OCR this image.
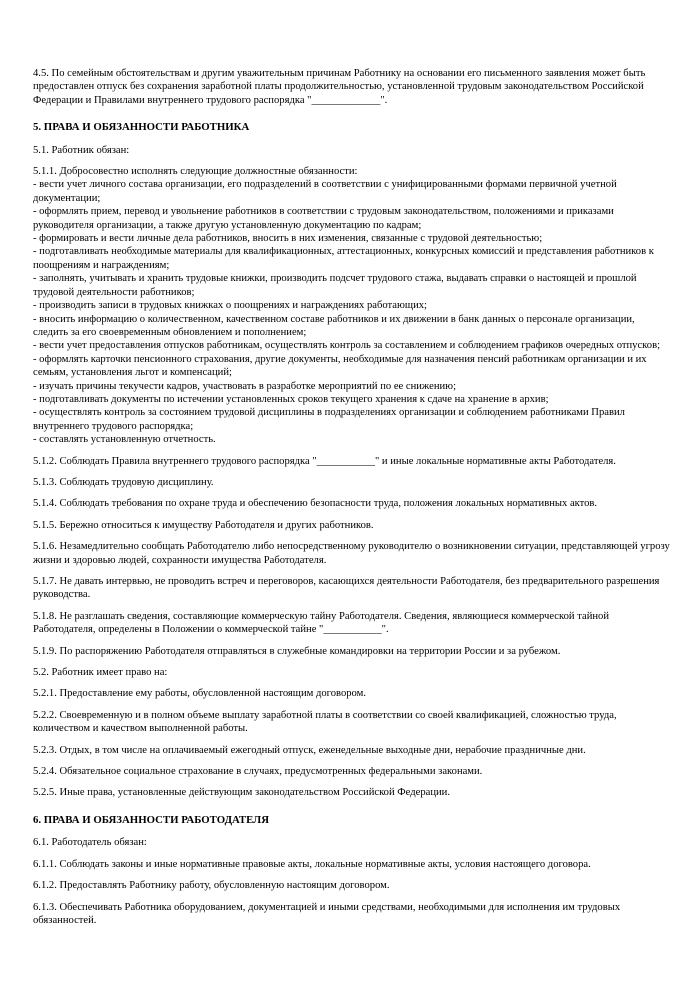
4.5. По семейным обстоятельствам и другим уважительным причинам Работнику на основании его письменного заявления может быть предоставлен отпуск без сохранения заработной платы продолжительностью, установленной трудовым законодательством Российской Федерации и Правилами внутреннего трудового распорядка "_____________".

5. ПРАВА И ОБЯЗАННОСТИ РАБОТНИКА

5.1. Работник обязан:

5.1.1. Добросовестно исполнять следующие должностные обязанности:

- вести учет личного состава организации, его подразделений в соответствии с унифицированными формами первичной учетной документации;

- оформлять прием, перевод и увольнение работников в соответствии с трудовым законодательством, положениями и приказами руководителя организации, а также другую установленную документацию по кадрам;

- формировать и вести личные дела работников, вносить в них изменения, связанные с трудовой деятельностью;

- подготавливать необходимые материалы для квалификационных, аттестационных, конкурсных комиссий и представления работников к поощрениям и награждениям;

- заполнять, учитывать и хранить трудовые книжки, производить подсчет трудового стажа, выдавать справки о настоящей и прошлой трудовой деятельности работников;

- производить записи в трудовых книжках о поощрениях и награждениях работающих;

- вносить информацию о количественном, качественном составе работников и их движении в банк данных о персонале организации, следить за его своевременным обновлением и пополнением;

- вести учет предоставления отпусков работникам, осуществлять контроль за составлением и соблюдением графиков очередных отпусков;

- оформлять карточки пенсионного страхования, другие документы, необходимые для назначения пенсий работникам организации и их семьям, установления льгот и компенсаций;

- изучать причины текучести кадров, участвовать в разработке мероприятий по ее снижению;

- подготавливать документы по истечении установленных сроков текущего хранения к сдаче на хранение в архив;

- осуществлять контроль за состоянием трудовой дисциплины в подразделениях организации и соблюдением работниками Правил внутреннего трудового распорядка;

- составлять установленную отчетность.

5.1.2. Соблюдать Правила внутреннего трудового распорядка "___________" и иные локальные нормативные акты Работодателя.

5.1.3. Соблюдать трудовую дисциплину.

5.1.4. Соблюдать требования по охране труда и обеспечению безопасности труда, положения локальных нормативных актов.

5.1.5. Бережно относиться к имуществу Работодателя и других работников.

5.1.6. Незамедлительно сообщать Работодателю либо непосредственному руководителю о возникновении ситуации, представляющей угрозу жизни и здоровью людей, сохранности имущества Работодателя.

5.1.7. Не давать интервью, не проводить встреч и переговоров, касающихся деятельности Работодателя, без предварительного разрешения руководства.

5.1.8. Не разглашать сведения, составляющие коммерческую тайну Работодателя. Сведения, являющиеся коммерческой тайной Работодателя, определены в Положении о коммерческой тайне "___________".

5.1.9. По распоряжению Работодателя отправляться в служебные командировки на территории России и за рубежом.

5.2. Работник имеет право на:

5.2.1. Предоставление ему работы, обусловленной настоящим договором.

5.2.2. Своевременную и в полном объеме выплату заработной платы в соответствии со своей квалификацией, сложностью труда, количеством и качеством выполненной работы.

5.2.3. Отдых, в том числе на оплачиваемый ежегодный отпуск, еженедельные выходные дни, нерабочие праздничные дни.

5.2.4. Обязательное социальное страхование в случаях, предусмотренных федеральными законами.

5.2.5. Иные права, установленные действующим законодательством Российской Федерации.

6. ПРАВА И ОБЯЗАННОСТИ РАБОТОДАТЕЛЯ

6.1. Работодатель обязан:

6.1.1. Соблюдать законы и иные нормативные правовые акты, локальные нормативные акты, условия настоящего договора.

6.1.2. Предоставлять Работнику работу, обусловленную настоящим договором.

6.1.3. Обеспечивать Работника оборудованием, документацией и иными средствами, необходимыми для исполнения им трудовых обязанностей.
